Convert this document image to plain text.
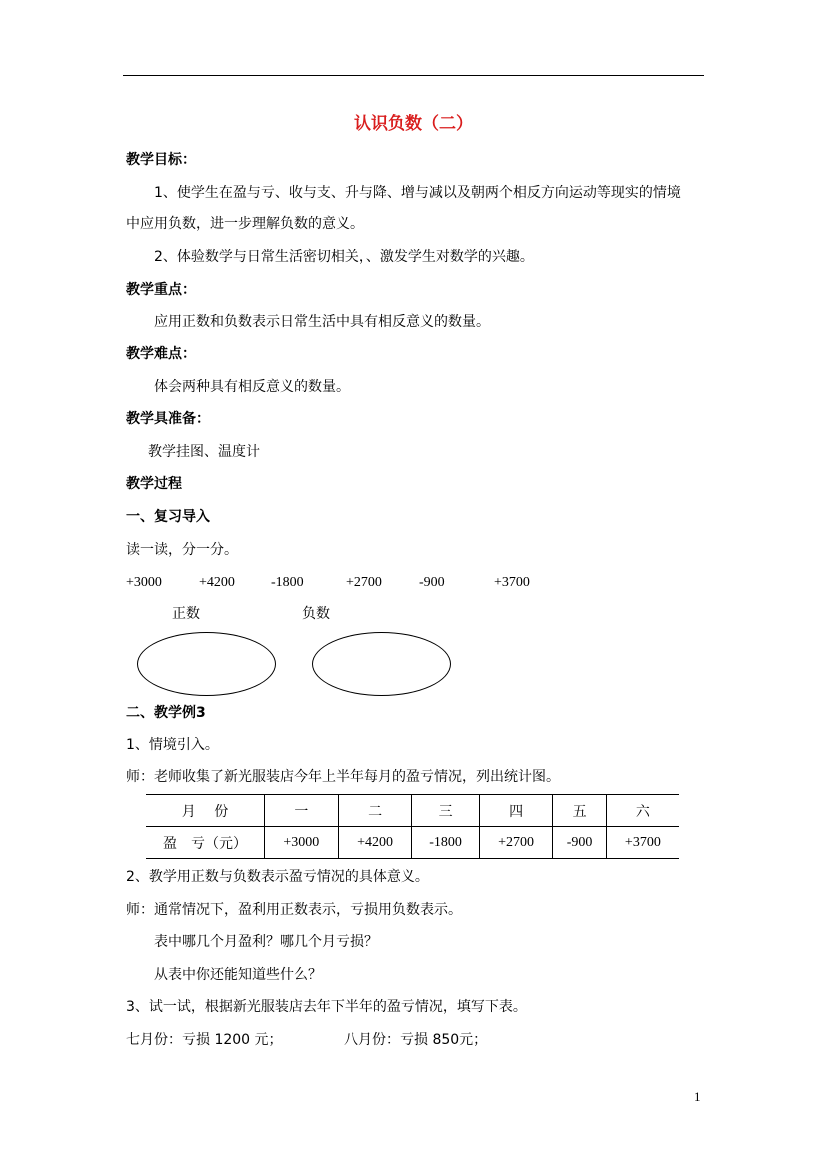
认识负数（二）
教学目标：
1、使学生在盈与亏、收与支、升与降、增与减以及朝两个相反方向运动等现实的情境
中应用负数，进一步理解负数的意义。
2、体验数学与日常生活密切相关，、激发学生对数学的兴趣。
教学重点：
应用正数和负数表示日常生活中具有相反意义的数量。
教学难点：
体会两种具有相反意义的数量。
教学具准备：
教学挂图、温度计
教学过程
一、复习导入
读一读，分一分。
+3000	+4200	-1800	+2700	-900	+3700
正数	负数
二、教学例3
1、情境引入。
师：老师收集了新光服装店今年上半年每月的盈亏情况，列出统计图。
月　 份	一	二	三	四	五	六
盈　亏（元）	+3000	+4200	-1800	+2700	-900	+3700
2、教学用正数与负数表示盈亏情况的具体意义。
师：通常情况下，盈利用正数表示，亏损用负数表示。
表中哪几个月盈利？哪几个月亏损？
从表中你还能知道些什么？
3、试一试，根据新光服装店去年下半年的盈亏情况，填写下表。
七月份：亏损 1200 元；	八月份：亏损 850元；
1
